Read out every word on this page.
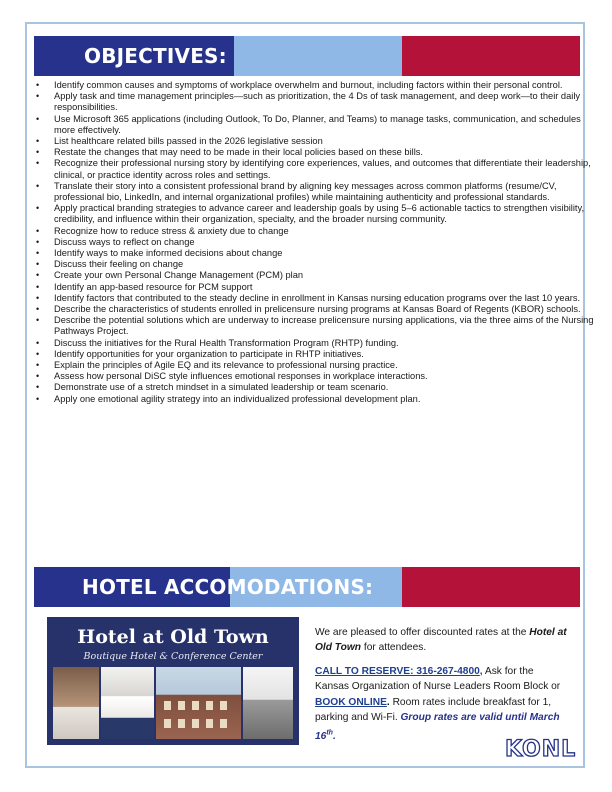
OBJECTIVES:
• Identify common causes and symptoms of workplace overwhelm and burnout, including factors within their personal control.
• Apply task and time management principles—such as prioritization, the 4 Ds of task management, and deep work—to their daily responsibilities.
• Use Microsoft 365 applications (including Outlook, To Do, Planner, and Teams) to manage tasks, communication, and schedules more effectively.
• List healthcare related bills passed in the 2026 legislative session
• Restate the changes that may need to be made in their local policies based on these bills.
• Recognize their professional nursing story by identifying core experiences, values, and outcomes that differentiate their leadership, clinical, or practice identity across roles and settings.
• Translate their story into a consistent professional brand by aligning key messages across common platforms (resume/CV, professional bio, LinkedIn, and internal organizational profiles) while maintaining authenticity and professional standards.
• Apply practical branding strategies to advance career and leadership goals by using 5–6 actionable tactics to strengthen visibility, credibility, and influence within their organization, specialty, and the broader nursing community.
• Recognize how to reduce stress & anxiety due to change
• Discuss ways to reflect on change
• Identify ways to make informed decisions about change
• Discuss their feeling on change
• Create your own Personal Change Management (PCM) plan
• Identify an app-based resource for PCM support
• Identify factors that contributed to the steady decline in enrollment in Kansas nursing education programs over the last 10 years.
• Describe the characteristics of students enrolled in prelicensure nursing programs at Kansas Board of Regents (KBOR) schools.
• Describe the potential solutions which are underway to increase prelicensure nursing applications, via the three aims of the Nursing Pathways Project.
• Discuss the initiatives for the Rural Health Transformation Program (RHTP) funding.
• Identify opportunities for your organization to participate in RHTP initiatives.
• Explain the principles of Agile EQ and its relevance to professional nursing practice.
• Assess how personal DiSC style influences emotional responses in workplace interactions.
• Demonstrate use of a stretch mindset in a simulated leadership or team scenario.
• Apply one emotional agility strategy into an individualized professional development plan.
HOTEL ACCOMODATIONS:
Hotel at Old Town
Boutique Hotel & Conference Center

We are pleased to offer discounted rates at the Hotel at Old Town for attendees.

CALL TO RESERVE: 316-267-4800, Ask for the Kansas Organization of Nurse Leaders Room Block or BOOK ONLINE. Room rates include breakfast for 1, parking and Wi-Fi. Group rates are valid until March 16th.

KONL
